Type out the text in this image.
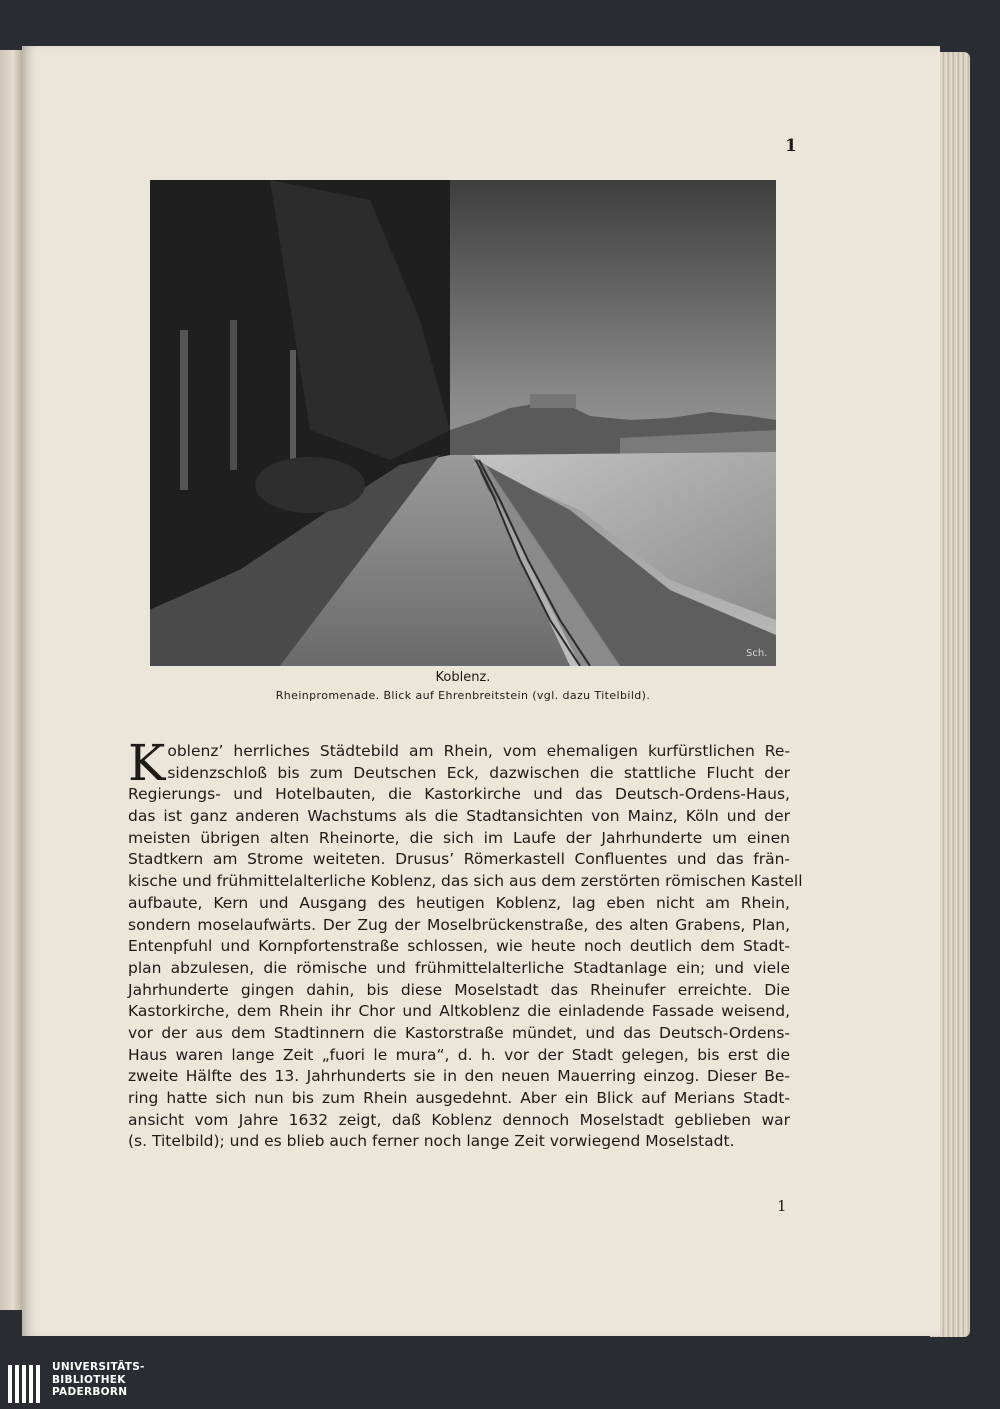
1
Sch.
Koblenz.
Rheinpromenade. Blick auf Ehrenbreitstein (vgl. dazu Titelbild).
K oblenz’ herrliches Städtebild am Rhein, vom ehemaligen kurfürstlichen Re-
sidenzschloß bis zum Deutschen Eck, dazwischen die stattliche Flucht der
Regierungs- und Hotelbauten, die Kastorkirche und das Deutsch-Ordens-Haus,
das ist ganz anderen Wachstums als die Stadtansichten von Mainz, Köln und der
meisten übrigen alten Rheinorte, die sich im Laufe der Jahrhunderte um einen
Stadtkern am Strome weiteten. Drusus’ Römerkastell Confluentes und das frän-
kische und frühmittelalterliche Koblenz, das sich aus dem zerstörten römischen Kastell
aufbaute, Kern und Ausgang des heutigen Koblenz, lag eben nicht am Rhein,
sondern moselaufwärts. Der Zug der Moselbrückenstraße, des alten Grabens, Plan,
Entenpfuhl und Kornpfortenstraße schlossen, wie heute noch deutlich dem Stadt-
plan abzulesen, die römische und frühmittelalterliche Stadtanlage ein; und viele
Jahrhunderte gingen dahin, bis diese Moselstadt das Rheinufer erreichte. Die
Kastorkirche, dem Rhein ihr Chor und Altkoblenz die einladende Fassade weisend,
vor der aus dem Stadtinnern die Kastorstraße mündet, und das Deutsch-Ordens-
Haus waren lange Zeit „fuori le mura“, d. h. vor der Stadt gelegen, bis erst die
zweite Hälfte des 13. Jahrhunderts sie in den neuen Mauerring einzog. Dieser Be-
ring hatte sich nun bis zum Rhein ausgedehnt. Aber ein Blick auf Merians Stadt-
ansicht vom Jahre 1632 zeigt, daß Koblenz dennoch Moselstadt geblieben war
(s. Titelbild); und es blieb auch ferner noch lange Zeit vorwiegend Moselstadt.
1
UNIVERSITÄTS-
BIBLIOTHEK
PADERBORN
